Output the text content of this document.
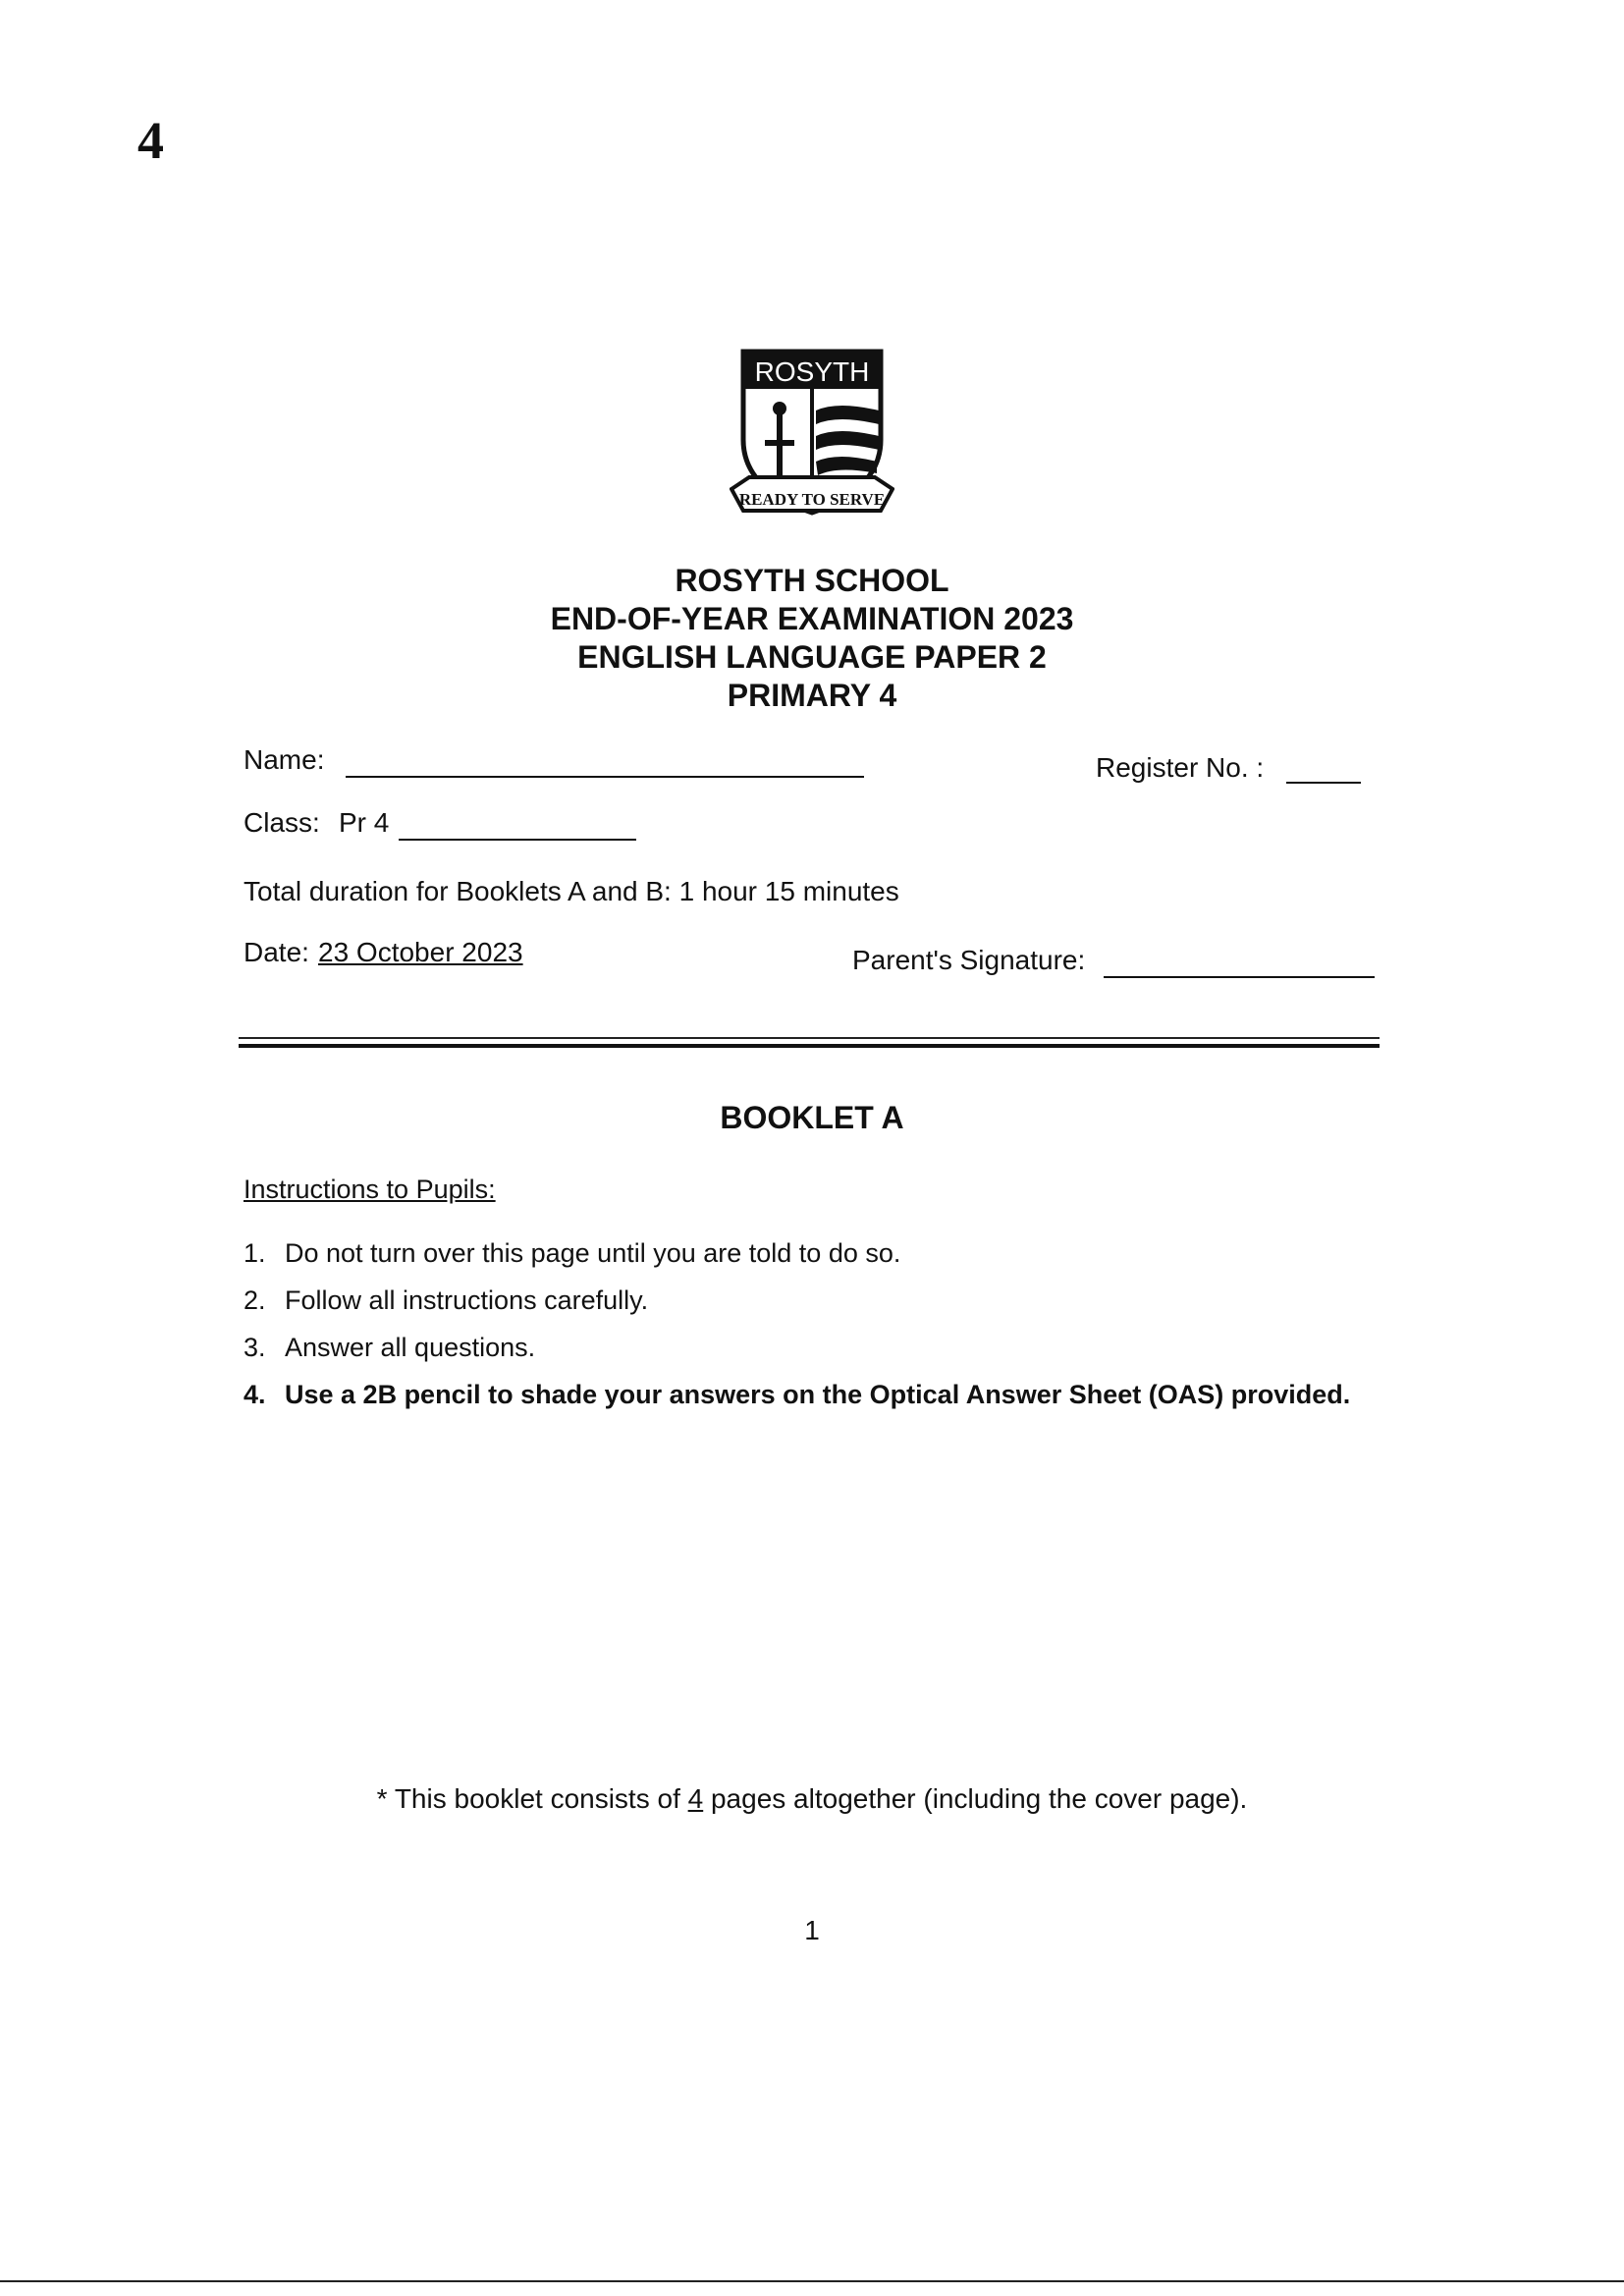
4
ROSYTH
READY TO SERVE
ROSYTH SCHOOL
END-OF-YEAR EXAMINATION 2023
ENGLISH LANGUAGE PAPER 2
PRIMARY 4
Name:	Register No. :
Class: Pr 4
Total duration for Booklets A and B: 1 hour 15 minutes
Date: 23 October 2023	Parent's Signature:
BOOKLET A
Instructions to Pupils:
1. Do not turn over this page until you are told to do so.
2. Follow all instructions carefully.
3. Answer all questions.
4. Use a 2B pencil to shade your answers on the Optical Answer Sheet (OAS) provided.
* This booklet consists of 4 pages altogether (including the cover page).
1
